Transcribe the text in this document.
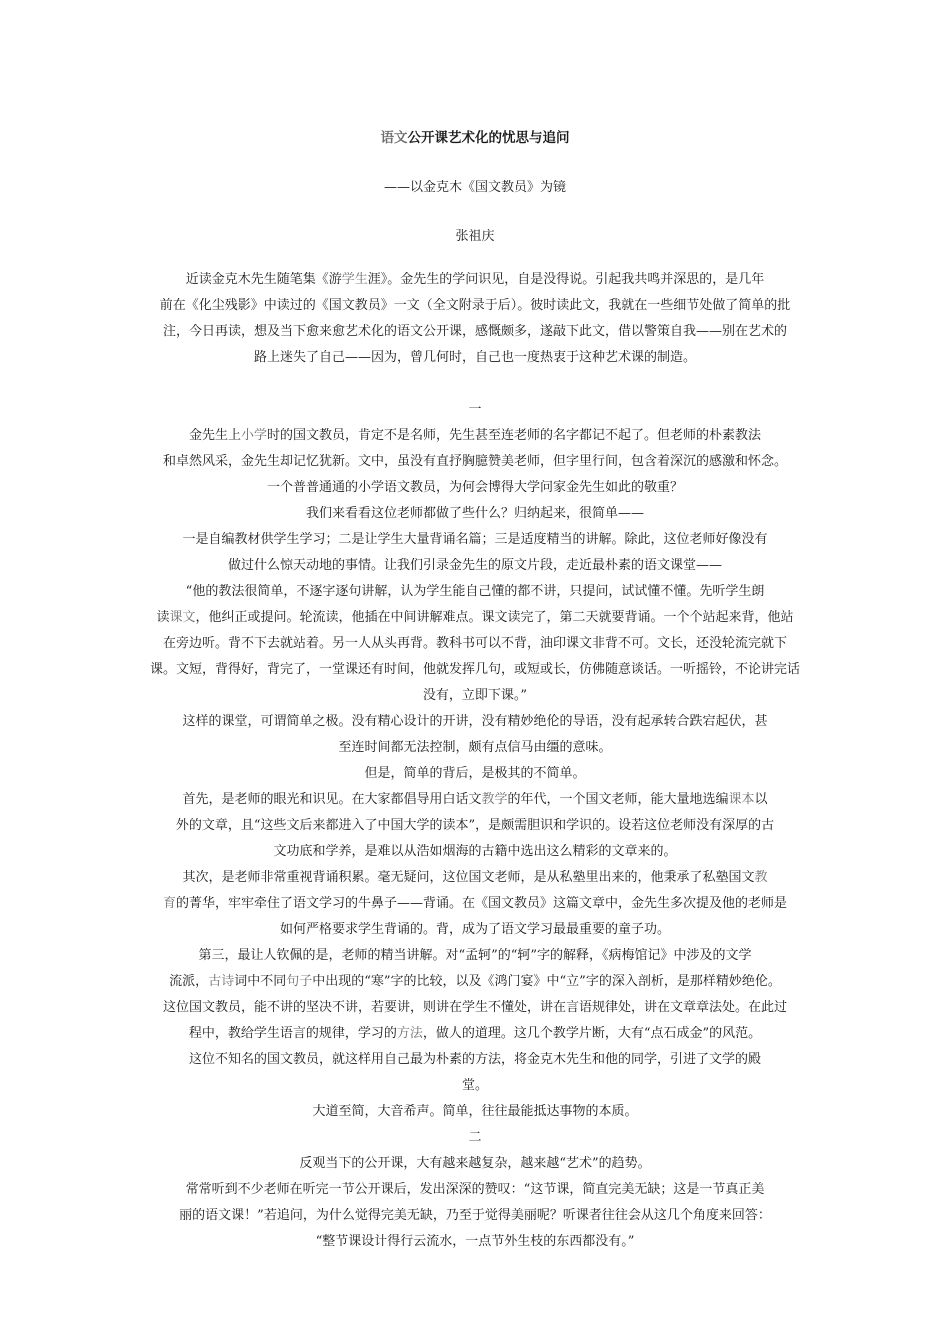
语文公开课艺术化的忧思与追问
——以金克木《国文教员》为镜
张祖庆
近读金克木先生随笔集《游学生涯》。金先生的学问识见，自是没得说。引起我共鸣并深思的，是几年
前在《化尘残影》中读过的《国文教员》一文（全文附录于后）。彼时读此文，我就在一些细节处做了简单的批
注，今日再读，想及当下愈来愈艺术化的语文公开课，感慨颇多，遂敲下此文，借以警策自我——别在艺术的
路上迷失了自己——因为，曾几何时，自己也一度热衷于这种艺术课的制造。
一
金先生上小学时的国文教员，肯定不是名师，先生甚至连老师的名字都记不起了。但老师的朴素教法
和卓然风采，金先生却记忆犹新。文中，虽没有直抒胸臆赞美老师，但字里行间，包含着深沉的感激和怀念。
一个普普通通的小学语文教员，为何会博得大学问家金先生如此的敬重？
我们来看看这位老师都做了些什么？归纳起来，很简单——
一是自编教材供学生学习；二是让学生大量背诵名篇；三是适度精当的讲解。除此，这位老师好像没有
做过什么惊天动地的事情。让我们引录金先生的原文片段，走近最朴素的语文课堂——
“他的教法很简单，不逐字逐句讲解，认为学生能自己懂的都不讲，只提问，试试懂不懂。先听学生朗
读课文，他纠正或提问。轮流读，他插在中间讲解难点。课文读完了，第二天就要背诵。一个个站起来背，他站
在旁边听。背不下去就站着。另一人从头再背。教科书可以不背，油印课文非背不可。文长，还没轮流完就下
课。文短，背得好，背完了，一堂课还有时间，他就发挥几句，或短或长，仿佛随意谈话。一听摇铃，不论讲完话
没有，立即下课。”
这样的课堂，可谓简单之极。没有精心设计的开讲，没有精妙绝伦的导语，没有起承转合跌宕起伏，甚
至连时间都无法控制，颇有点信马由缰的意味。
但是，简单的背后，是极其的不简单。
首先，是老师的眼光和识见。在大家都倡导用白话文教学的年代，一个国文老师，能大量地选编课本以
外的文章，且“这些文后来都进入了中国大学的读本”，是颇需胆识和学识的。设若这位老师没有深厚的古
文功底和学养，是难以从浩如烟海的古籍中选出这么精彩的文章来的。
其次，是老师非常重视背诵积累。毫无疑问，这位国文老师，是从私塾里出来的，他秉承了私塾国文教
育的菁华，牢牢牵住了语文学习的牛鼻子——背诵。在《国文教员》这篇文章中，金先生多次提及他的老师是
如何严格要求学生背诵的。背，成为了语文学习最最重要的童子功。
第三，最让人钦佩的是，老师的精当讲解。对“孟轲”的“轲”字的解释，《病梅馆记》中涉及的文学
流派，古诗词中不同句子中出现的“寒”字的比较，以及《鸿门宴》中“立”字的深入剖析，是那样精妙绝伦。
这位国文教员，能不讲的坚决不讲，若要讲，则讲在学生不懂处，讲在言语规律处，讲在文章章法处。在此过
程中，教给学生语言的规律，学习的方法，做人的道理。这几个教学片断，大有“点石成金”的风范。
这位不知名的国文教员，就这样用自己最为朴素的方法，将金克木先生和他的同学，引进了文学的殿
堂。
大道至简，大音希声。简单，往往最能抵达事物的本质。
二
反观当下的公开课，大有越来越复杂，越来越“艺术”的趋势。
常常听到不少老师在听完一节公开课后，发出深深的赞叹：“这节课，简直完美无缺；这是一节真正美
丽的语文课！”若追问，为什么觉得完美无缺，乃至于觉得美丽呢？听课者往往会从这几个角度来回答：
“整节课设计得行云流水，一点节外生枝的东西都没有。”
